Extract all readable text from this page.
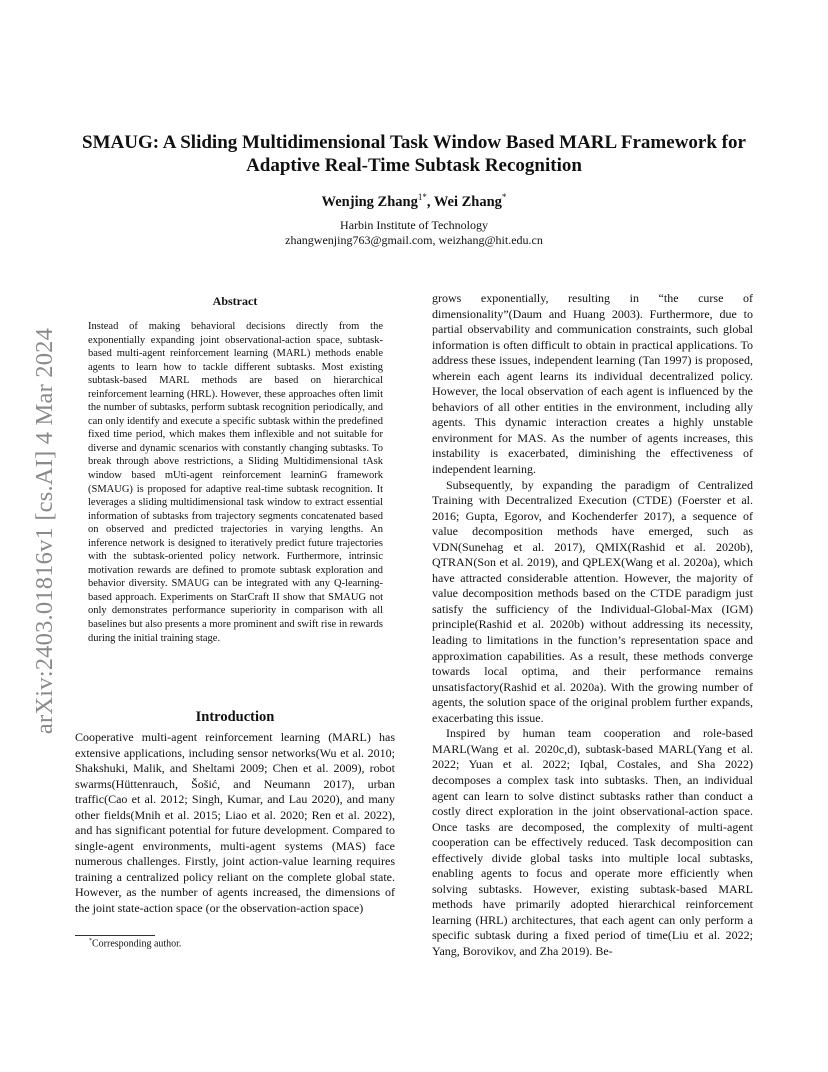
arXiv:2403.01816v1 [cs.AI] 4 Mar 2024
SMAUG: A Sliding Multidimensional Task Window Based MARL Framework for Adaptive Real-Time Subtask Recognition
Wenjing Zhang$^{1*}$, Wei Zhang*
Harbin Institute of Technology
zhangwenjing763@gmail.com, weizhang@hit.edu.cn
Abstract

Instead of making behavioral decisions directly from the exponentially expanding joint observational-action space, subtask-based multi-agent reinforcement learning (MARL) methods enable agents to learn how to tackle different subtasks. Most existing subtask-based MARL methods are based on hierarchical reinforcement learning (HRL). However, these approaches often limit the number of subtasks, perform subtask recognition periodically, and can only identify and execute a specific subtask within the predefined fixed time period, which makes them inflexible and not suitable for diverse and dynamic scenarios with constantly changing subtasks. To break through above restrictions, a Sliding Multidimensional tAsk window based mUti-agent reinforcement learninG framework (SMAUG) is proposed for adaptive real-time subtask recognition. It leverages a sliding multidimensional task window to extract essential information of subtasks from trajectory segments concatenated based on observed and predicted trajectories in varying lengths. An inference network is designed to iteratively predict future trajectories with the subtask-oriented policy network. Furthermore, intrinsic motivation rewards are defined to promote subtask exploration and behavior diversity. SMAUG can be integrated with any Q-learning-based approach. Experiments on StarCraft II show that SMAUG not only demonstrates performance superiority in comparison with all baselines but also presents a more prominent and swift rise in rewards during the initial training stage.

Introduction

Cooperative multi-agent reinforcement learning (MARL) has extensive applications, including sensor networks(Wu et al. 2010; Shakshuki, Malik, and Sheltami 2009; Chen et al. 2009), robot swarms(Hüttenrauch, Šošić, and Neumann 2017), urban traffic(Cao et al. 2012; Singh, Kumar, and Lau 2020), and many other fields(Mnih et al. 2015; Liao et al. 2020; Ren et al. 2022), and has significant potential for future development. Compared to single-agent environments, multi-agent systems (MAS) face numerous challenges. Firstly, joint action-value learning requires training a centralized policy reliant on the complete global state. However, as the number of agents increased, the dimensions of the joint state-action space (or the observation-action space)

grows exponentially, resulting in “the curse of dimensionality”(Daum and Huang 2003). Furthermore, due to partial observability and communication constraints, such global information is often difficult to obtain in practical applications. To address these issues, independent learning (Tan 1997) is proposed, wherein each agent learns its individual decentralized policy. However, the local observation of each agent is influenced by the behaviors of all other entities in the environment, including ally agents. This dynamic interaction creates a highly unstable environment for MAS. As the number of agents increases, this instability is exacerbated, diminishing the effectiveness of independent learning.

Subsequently, by expanding the paradigm of Centralized Training with Decentralized Execution (CTDE) (Foerster et al. 2016; Gupta, Egorov, and Kochenderfer 2017), a sequence of value decomposition methods have emerged, such as VDN(Sunehag et al. 2017), QMIX(Rashid et al. 2020b), QTRAN(Son et al. 2019), and QPLEX(Wang et al. 2020a), which have attracted considerable attention. However, the majority of value decomposition methods based on the CTDE paradigm just satisfy the sufficiency of the Individual-Global-Max (IGM) principle(Rashid et al. 2020b) without addressing its necessity, leading to limitations in the function’s representation space and approximation capabilities. As a result, these methods converge towards local optima, and their performance remains unsatisfactory(Rashid et al. 2020a). With the growing number of agents, the solution space of the original problem further expands, exacerbating this issue.

Inspired by human team cooperation and role-based MARL(Wang et al. 2020c,d), subtask-based MARL(Yang et al. 2022; Yuan et al. 2022; Iqbal, Costales, and Sha 2022) decomposes a complex task into subtasks. Then, an individual agent can learn to solve distinct subtasks rather than conduct a costly direct exploration in the joint observational-action space. Once tasks are decomposed, the complexity of multi-agent cooperation can be effectively reduced. Task decomposition can effectively divide global tasks into multiple local subtasks, enabling agents to focus and operate more efficiently when solving subtasks. However, existing subtask-based MARL methods have primarily adopted hierarchical reinforcement learning (HRL) architectures, that each agent can only perform a specific subtask during a fixed period of time(Liu et al. 2022; Yang, Borovikov, and Zha 2019). Be-

*Corresponding author.
